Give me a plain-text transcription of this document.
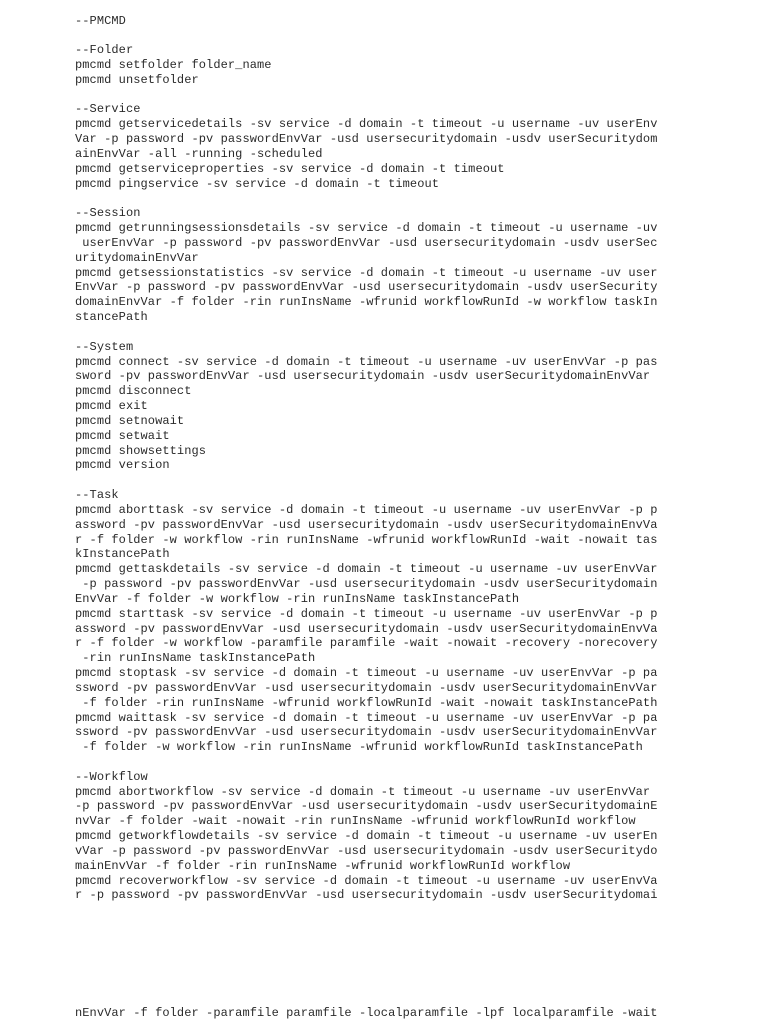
--PMCMD

--Folder

pmcmd setfolder folder_name

pmcmd unsetfolder

--Service

pmcmd getservicedetails -sv service -d domain -t timeout -u username -uv userEnv

Var -p password -pv passwordEnvVar -usd usersecuritydomain -usdv userSecuritydom

ainEnvVar -all -running -scheduled

pmcmd getserviceproperties -sv service -d domain -t timeout

pmcmd pingservice -sv service -d domain -t timeout

--Session

pmcmd getrunningsessionsdetails -sv service -d domain -t timeout -u username -uv

userEnvVar -p password -pv passwordEnvVar -usd usersecuritydomain -usdv userSec

uritydomainEnvVar

pmcmd getsessionstatistics -sv service -d domain -t timeout -u username -uv user

EnvVar -p password -pv passwordEnvVar -usd usersecuritydomain -usdv userSecurity

domainEnvVar -f folder -rin runInsName -wfrunid workflowRunId -w workflow taskIn

stancePath

--System

pmcmd connect -sv service -d domain -t timeout -u username -uv userEnvVar -p pas

sword -pv passwordEnvVar -usd usersecuritydomain -usdv userSecuritydomainEnvVar

pmcmd disconnect

pmcmd exit

pmcmd setnowait

pmcmd setwait

pmcmd showsettings

pmcmd version

--Task

pmcmd aborttask -sv service -d domain -t timeout -u username -uv userEnvVar -p p

assword -pv passwordEnvVar -usd usersecuritydomain -usdv userSecuritydomainEnvVa

r -f folder -w workflow -rin runInsName -wfrunid workflowRunId -wait -nowait tas

kInstancePath

pmcmd gettaskdetails -sv service -d domain -t timeout -u username -uv userEnvVar

-p password -pv passwordEnvVar -usd usersecuritydomain -usdv userSecuritydomain

EnvVar -f folder -w workflow -rin runInsName taskInstancePath

pmcmd starttask -sv service -d domain -t timeout -u username -uv userEnvVar -p p

assword -pv passwordEnvVar -usd usersecuritydomain -usdv userSecuritydomainEnvVa

r -f folder -w workflow -paramfile paramfile -wait -nowait -recovery -norecovery

-rin runInsName taskInstancePath

pmcmd stoptask -sv service -d domain -t timeout -u username -uv userEnvVar -p pa

ssword -pv passwordEnvVar -usd usersecuritydomain -usdv userSecuritydomainEnvVar

-f folder -rin runInsName -wfrunid workflowRunId -wait -nowait taskInstancePath

pmcmd waittask -sv service -d domain -t timeout -u username -uv userEnvVar -p pa

ssword -pv passwordEnvVar -usd usersecuritydomain -usdv userSecuritydomainEnvVar

-f folder -w workflow -rin runInsName -wfrunid workflowRunId taskInstancePath

--Workflow

pmcmd abortworkflow -sv service -d domain -t timeout -u username -uv userEnvVar

-p password -pv passwordEnvVar -usd usersecuritydomain -usdv userSecuritydomainE

nvVar -f folder -wait -nowait -rin runInsName -wfrunid workflowRunId workflow

pmcmd getworkflowdetails -sv service -d domain -t timeout -u username -uv userEn

vVar -p password -pv passwordEnvVar -usd usersecuritydomain -usdv userSecuritydo

mainEnvVar -f folder -rin runInsName -wfrunid workflowRunId workflow

pmcmd recoverworkflow -sv service -d domain -t timeout -u username -uv userEnvVa

r -p password -pv passwordEnvVar -usd usersecuritydomain -usdv userSecuritydomai

nEnvVar -f folder -paramfile paramfile -localparamfile -lpf localparamfile -wait
